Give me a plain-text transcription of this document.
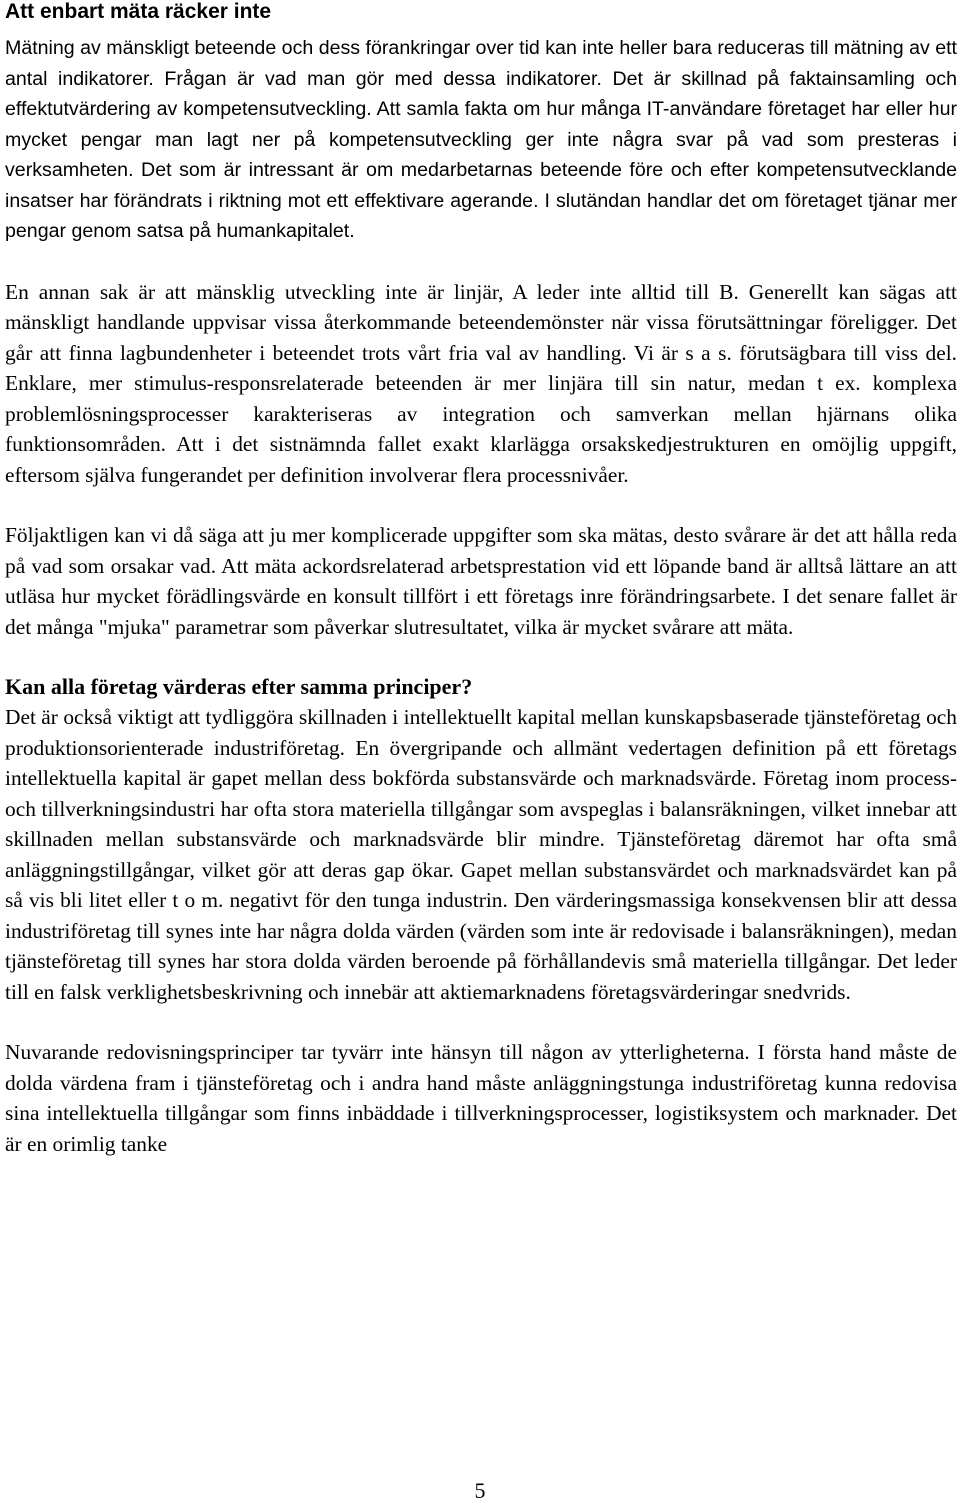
Att enbart mäta räcker inte

Mätning av mänskligt beteende och dess förankringar over tid kan inte heller bara reduceras till mätning av ett antal indikatorer. Frågan är vad man gör med dessa indikatorer. Det är skillnad på faktainsamling och effektutvärdering av kompetensutveckling. Att samla fakta om hur många IT-användare företaget har eller hur mycket pengar man lagt ner på kompetensutveckling ger inte några svar på vad som presteras i verksamheten. Det som är intressant är om medarbetarnas beteende före och efter kompetensutvecklande insatser har förändrats i riktning mot ett effektivare agerande. I slutändan handlar det om företaget tjänar mer pengar genom satsa på humankapitalet.

En annan sak är att mänsklig utveckling inte är linjär, A leder inte alltid till B. Generellt kan sägas att mänskligt handlande uppvisar vissa återkommande beteendemönster när vissa förutsättningar föreligger. Det går att finna lagbundenheter i beteendet trots vårt fria val av handling. Vi är s a s. förutsägbara till viss del. Enklare, mer stimulus-responsrelaterade beteenden är mer linjära till sin natur, medan t ex. komplexa problemlösningsprocesser karakteriseras av integration och samverkan mellan hjärnans olika funktionsområden. Att i det sistnämnda fallet exakt klarlägga orsakskedjestrukturen en omöjlig uppgift, eftersom själva fungerandet per definition involverar flera processnivåer.

Följaktligen kan vi då säga att ju mer komplicerade uppgifter som ska mätas, desto svårare är det att hålla reda på vad som orsakar vad. Att mäta ackordsrelaterad arbetsprestation vid ett löpande band är alltså lättare an att utläsa hur mycket förädlingsvärde en konsult tillfört i ett företags inre förändringsarbete. I det senare fallet är det många "mjuka" parametrar som påverkar slutresultatet, vilka är mycket svårare att mäta.

Kan alla företag värderas efter samma principer?

Det är också viktigt att tydliggöra skillnaden i intellektuellt kapital mellan kunskapsbaserade tjänsteföretag och produktionsorienterade industriföretag. En övergripande och allmänt vedertagen definition på ett företags intellektuella kapital är gapet mellan dess bokförda substansvärde och marknadsvärde. Företag inom process- och tillverkningsindustri har ofta stora materiella tillgångar som avspeglas i balansräkningen, vilket innebar att skillnaden mellan substansvärde och marknadsvärde blir mindre. Tjänsteföretag däremot har ofta små anläggningstillgångar, vilket gör att deras gap ökar. Gapet mellan substansvärdet och marknadsvärdet kan på så vis bli litet eller t o m. negativt för den tunga industrin. Den värderingsmassiga konsekvensen blir att dessa industriföretag till synes inte har några dolda värden (värden som inte är redovisade i balansräkningen), medan tjänsteföretag till synes har stora dolda värden beroende på förhållandevis små materiella tillgångar. Det leder till en falsk verklighetsbeskrivning och innebär att aktiemarknadens företagsvärderingar snedvrids.

Nuvarande redovisningsprinciper tar tyvärr inte hänsyn till någon av ytterligheterna. I första hand måste de dolda värdena fram i tjänsteföretag och i andra hand måste anläggningstunga industriföretag kunna redovisa sina intellektuella tillgångar som finns inbäddade i tillverkningsprocesser, logistiksystem och marknader. Det är en orimlig tanke

5
